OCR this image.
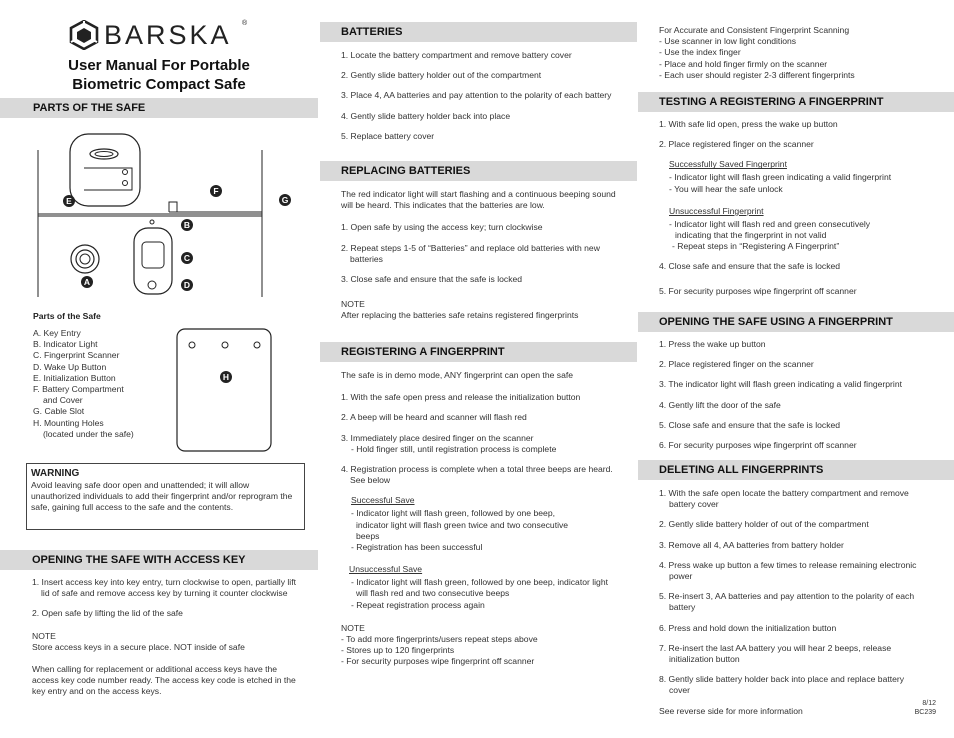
BARSKA ®
User Manual For Portable
Biometric Compact Safe
PARTS OF THE SAFE
A
B
C
D
E
F
G
Parts of the Safe
A. Key Entry
B. Indicator Light
C. Fingerprint Scanner
D. Wake Up Button
E. Initialization Button
F. Battery Compartment
and Cover
G. Cable Slot
H. Mounting Holes
(located under the safe)
H
WARNING
Avoid leaving safe door open and unattended; it will allow unauthorized individuals to add their fingerprint and/or reprogram the safe, gaining full access to the safe and the contents.
OPENING THE SAFE WITH ACCESS KEY
1. Insert access key into key entry, turn clockwise to open, partially lift lid of safe and remove access key by turning it counter clockwise
2. Open safe by lifting the lid of the safe
NOTE
Store access keys in a secure place. NOT inside of safe
When calling for replacement or additional access keys have the access key code number ready. The access key code is etched in the key entry and on the access keys.
BATTERIES
1. Locate the battery compartment and remove battery cover
2. Gently slide battery holder out of the compartment
3. Place 4, AA batteries and pay attention to the polarity of each battery
4. Gently slide battery holder back into place
5. Replace battery cover
REPLACING BATTERIES
The red indicator light will start flashing and a continuous beeping sound will be heard. This indicates that the batteries are low.
1. Open safe by using the access key; turn clockwise
2. Repeat steps 1-5 of “Batteries” and replace old batteries with new batteries
3. Close safe and ensure that the safe is locked
NOTE
After replacing the batteries safe retains registered fingerprints
REGISTERING A FINGERPRINT
The safe is in demo mode, ANY fingerprint can open the safe
1. With the safe open press and release the initialization button
2. A beep will be heard and scanner will flash red
3. Immediately place desired finger on the scanner
- Hold finger still, until registration process is complete
4. Registration process is complete when a total three beeps are heard. See below
Successful Save
- Indicator light will flash green, followed by one beep, indicator light will flash green twice and two consecutive beeps
- Registration has been successful
Unsuccessful Save
- Indicator light will flash green, followed by one beep, indicator light will flash red and two consecutive beeps
- Repeat registration process again
NOTE
- To add more fingerprints/users repeat steps above
- Stores up to 120 fingerprints
- For security purposes wipe fingerprint off scanner
For Accurate and Consistent Fingerprint Scanning
- Use scanner in low light conditions
- Use the index finger
- Place and hold finger firmly on the scanner
- Each user should register 2-3 different fingerprints
TESTING A REGISTERING A FINGERPRINT
1. With safe lid open, press the wake up button
2. Place registered finger on the scanner
Successfully Saved Fingerprint
- Indicator light will flash green indicating a valid fingerprint
- You will hear the safe unlock
Unsuccessful Fingerprint
- Indicator light will flash red and green consecutively
indicating that the fingerprint in not valid
- Repeat steps in “Registering A Fingerprint”
4. Close safe and ensure that the safe is locked
5. For security purposes wipe fingerprint off scanner
OPENING THE SAFE USING A FINGERPRINT
1. Press the wake up button
2. Place registered finger on the scanner
3. The indicator light will flash green indicating a valid fingerprint
4. Gently lift the door of the safe
5. Close safe and ensure that the safe is locked
6. For security purposes wipe fingerprint off scanner
DELETING ALL FINGERPRINTS
1. With the safe open locate the battery compartment and remove battery cover
2. Gently slide battery holder of out of the compartment
3. Remove all 4, AA batteries from battery holder
4. Press wake up button a few times to release remaining electronic power
5. Re-insert 3, AA batteries and pay attention to the polarity of each battery
6. Press and hold down the initialization button
7. Re-insert the last AA battery you will hear 2 beeps, release initialization button
8. Gently slide battery holder back into place and replace battery cover
See reverse side for more information
8/12
BC239
